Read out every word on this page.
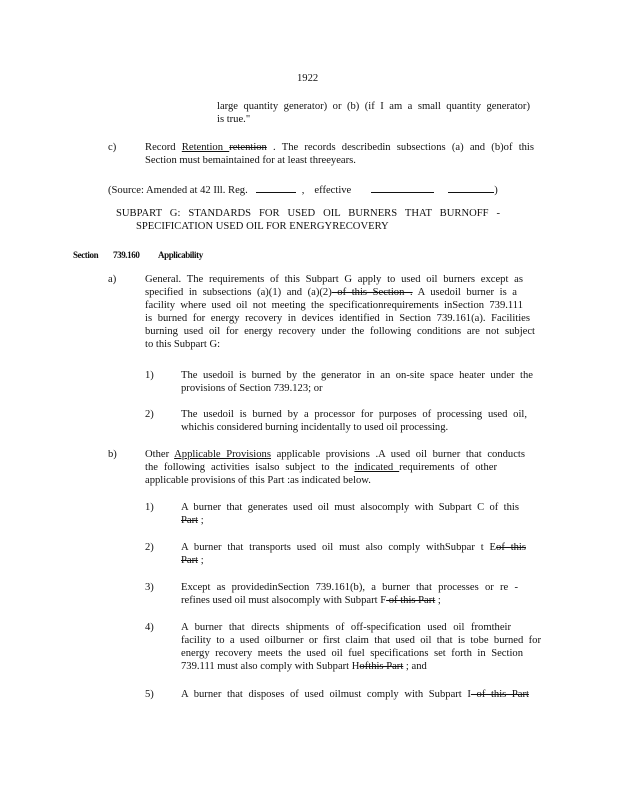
1922
large quantity generator) or (b) (if I am a small quantity generator)
is true."
c)	Record Retention retention . The records describedin subsections (a) and (b)of this
Section must bemaintained for at least threeyears.
(Source: Amended at 42 Ill. Reg.	, effective	)
SUBPART G: STANDARDS FOR USED OIL BURNERS THAT BURNOFF -
SPECIFICATION USED OIL FOR ENERGYRECOVERY
Section 739.160 Applicability
a)	General. The requirements of this Subpart G apply to used oil burners except as
specified in subsections (a)(1) and (a)(2) of this Section . A usedoil burner is a
facility where used oil not meeting the specificationrequirements inSection 739.111
is burned for energy recovery in devices identified in Section 739.161(a). Facilities
burning used oil for energy recovery under the following conditions are not subject
to this Subpart G:
1)	The usedoil is burned by the generator in an on-site space heater under the
provisions of Section 739.123; or
2)	The usedoil is burned by a processor for purposes of processing used oil,
whichis considered burning incidentally to used oil processing.
b)	Other Applicable Provisions applicable provisions .A used oil burner that conducts
the following activities isalso subject to the indicated requirements of other
applicable provisions of this Part :as indicated below.
1)	A burner that generates used oil must alsocomply with Subpart C of this
Part ;
2)	A burner that transports used oil must also comply withSubpar t Eof this
Part ;
3)	Except as providedinSection 739.161(b), a burner that processes or re -
refines used oil must alsocomply with Subpart F of this Part ;
4)	A burner that directs shipments of off-specification used oil fromtheir
facility to a used oilburner or first claim that used oil that is tobe burned for
energy recovery meets the used oil fuel specifications set forth in Section
739.111 must also comply with Subpart Hofthis Part ; and
5)	A burner that disposes of used oilmust comply with Subpart I of this Part
